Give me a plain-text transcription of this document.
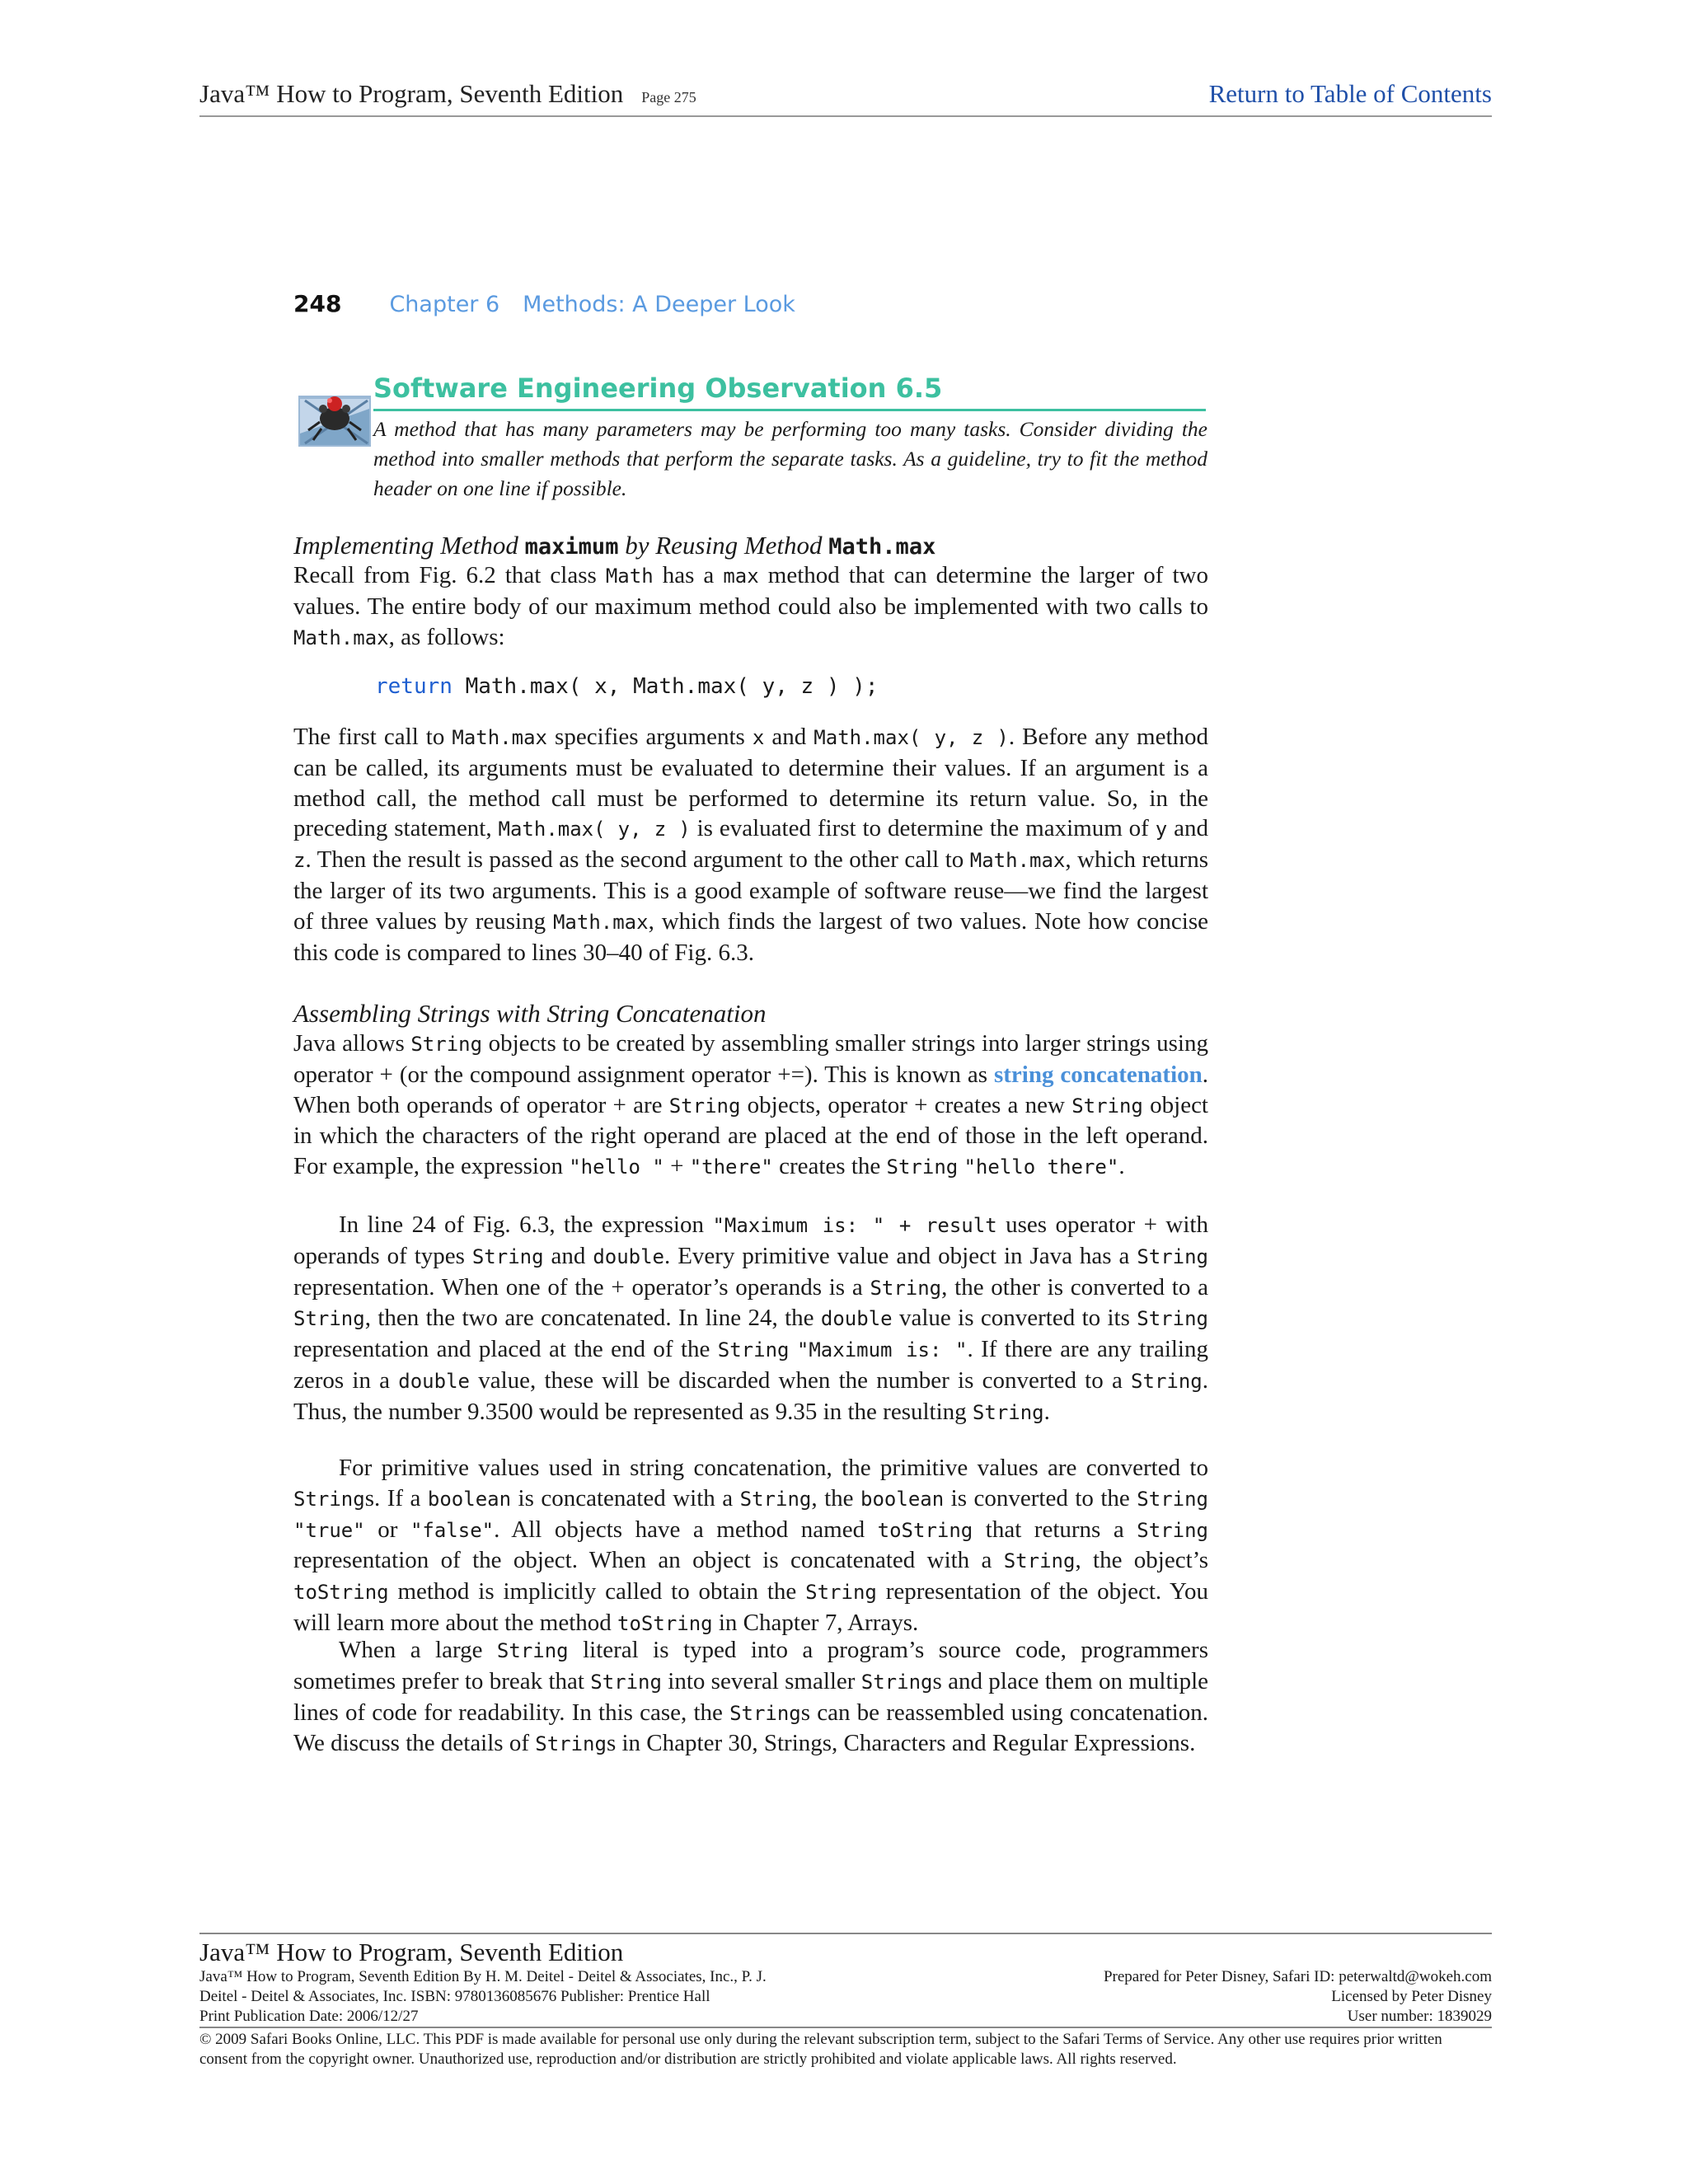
Java™ How to Program, Seventh Edition Page 275	Return to Table of Contents
248 Chapter 6 Methods: A Deeper Look
Software Engineering Observation 6.5
A method that has many parameters may be performing too many tasks. Consider dividing the method into smaller methods that perform the separate tasks. As a guideline, try to fit the method header on one line if possible.
Implementing Method maximum by Reusing Method Math.max

Recall from Fig. 6.2 that class Math has a max method that can determine the larger of two values. The entire body of our maximum method could also be implemented with two calls to Math.max, as follows:

return Math.max( x, Math.max( y, z ) );

The first call to Math.max specifies arguments x and Math.max( y, z ). Before any method can be called, its arguments must be evaluated to determine their values. If an argument is a method call, the method call must be performed to determine its return value. So, in the preceding statement, Math.max( y, z ) is evaluated first to determine the maximum of y and z. Then the result is passed as the second argument to the other call to Math.max, which returns the larger of its two arguments. This is a good example of software reuse—we find the largest of three values by reusing Math.max, which finds the largest of two values. Note how concise this code is compared to lines 30–40 of Fig. 6.3.

Assembling Strings with String Concatenation

Java allows String objects to be created by assembling smaller strings into larger strings using operator + (or the compound assignment operator +=). This is known as string concatenation. When both operands of operator + are String objects, operator + creates a new String object in which the characters of the right operand are placed at the end of those in the left operand. For example, the expression "hello " + "there" creates the String "hello there".

In line 24 of Fig. 6.3, the expression "Maximum is: " + result uses operator + with operands of types String and double. Every primitive value and object in Java has a String representation. When one of the + operator’s operands is a String, the other is converted to a String, then the two are concatenated. In line 24, the double value is converted to its String representation and placed at the end of the String "Maximum is: ". If there are any trailing zeros in a double value, these will be discarded when the number is converted to a String. Thus, the number 9.3500 would be represented as 9.35 in the resulting String.

For primitive values used in string concatenation, the primitive values are converted to Strings. If a boolean is concatenated with a String, the boolean is converted to the String "true" or "false". All objects have a method named toString that returns a String representation of the object. When an object is concatenated with a String, the object’s toString method is implicitly called to obtain the String representation of the object. You will learn more about the method toString in Chapter 7, Arrays.

When a large String literal is typed into a program’s source code, programmers sometimes prefer to break that String into several smaller Strings and place them on multiple lines of code for readability. In this case, the Strings can be reassembled using concatenation. We discuss the details of Strings in Chapter 30, Strings, Characters and Regular Expressions.

Java™ How to Program, Seventh Edition
Java™ How to Program, Seventh Edition By H. M. Deitel - Deitel & Associates, Inc., P. J.	Prepared for Peter Disney, Safari ID: peterwaltd@wokeh.com
Deitel - Deitel & Associates, Inc. ISBN: 9780136085676 Publisher: Prentice Hall	Licensed by Peter Disney
Print Publication Date: 2006/12/27	User number: 1839029
© 2009 Safari Books Online, LLC. This PDF is made available for personal use only during the relevant subscription term, subject to the Safari Terms of Service. Any other use requires prior written consent from the copyright owner. Unauthorized use, reproduction and/or distribution are strictly prohibited and violate applicable laws. All rights reserved.
